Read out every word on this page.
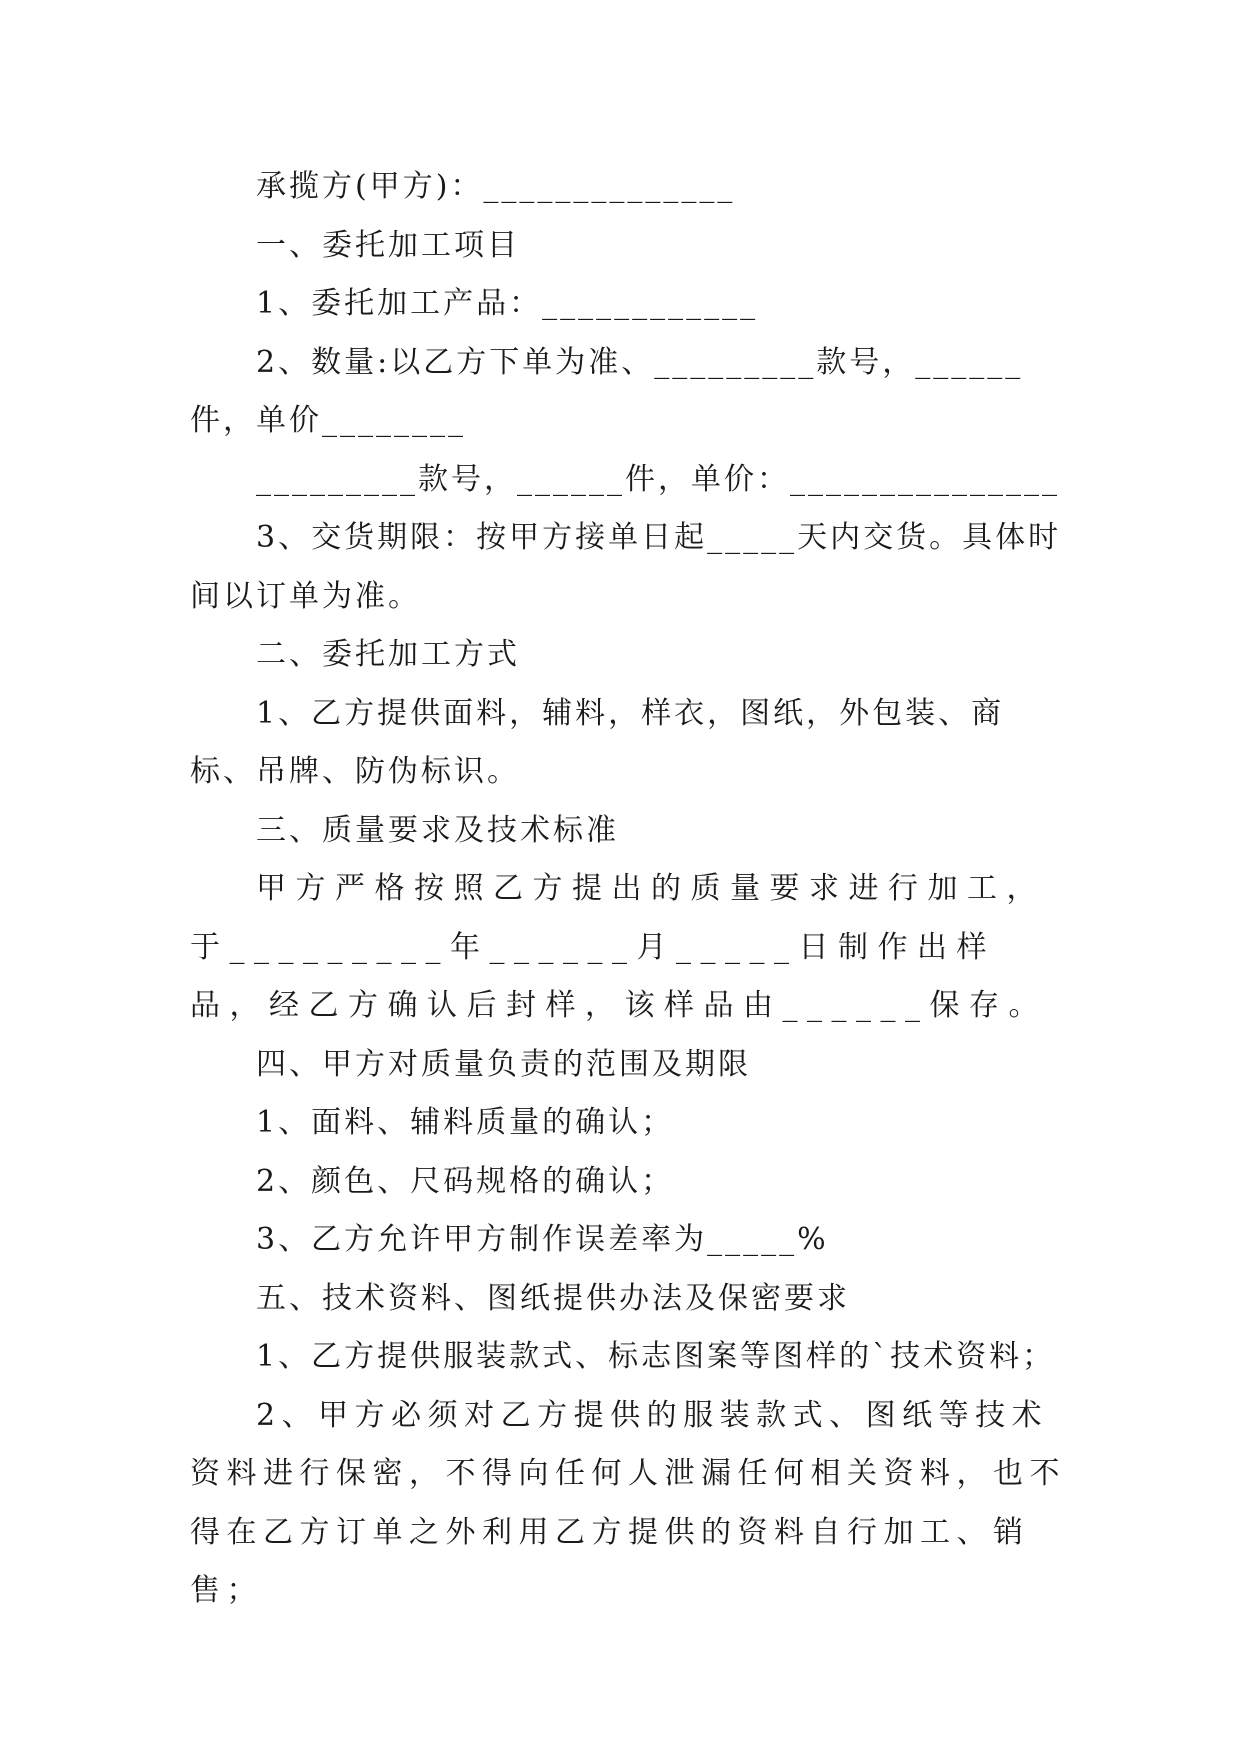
承揽方(甲方)：______________

一、委托加工项目

1、委托加工产品：____________

2、数量:以乙方下单为准、_________款号，______件，单价________

_________款号，______件，单价：_______________

3、交货期限：按甲方接单日起_____天内交货。具体时间以订单为准。

二、委托加工方式

1、乙方提供面料，辅料，样衣，图纸，外包装、商标、吊牌、防伪标识。

三、质量要求及技术标准

甲方严格按照乙方提出的质量要求进行加工，于_________年______月_____日制作出样品，经乙方确认后封样，该样品由______保存。

四、甲方对质量负责的范围及期限

1、面料、辅料质量的确认；

2、颜色、尺码规格的确认；

3、乙方允许甲方制作误差率为_____%

五、技术资料、图纸提供办法及保密要求

1、乙方提供服装款式、标志图案等图样的`技术资料；

2、甲方必须对乙方提供的服装款式、图纸等技术资料进行保密，不得向任何人泄漏任何相关资料，也不得在乙方订单之外利用乙方提供的资料自行加工、销售；
